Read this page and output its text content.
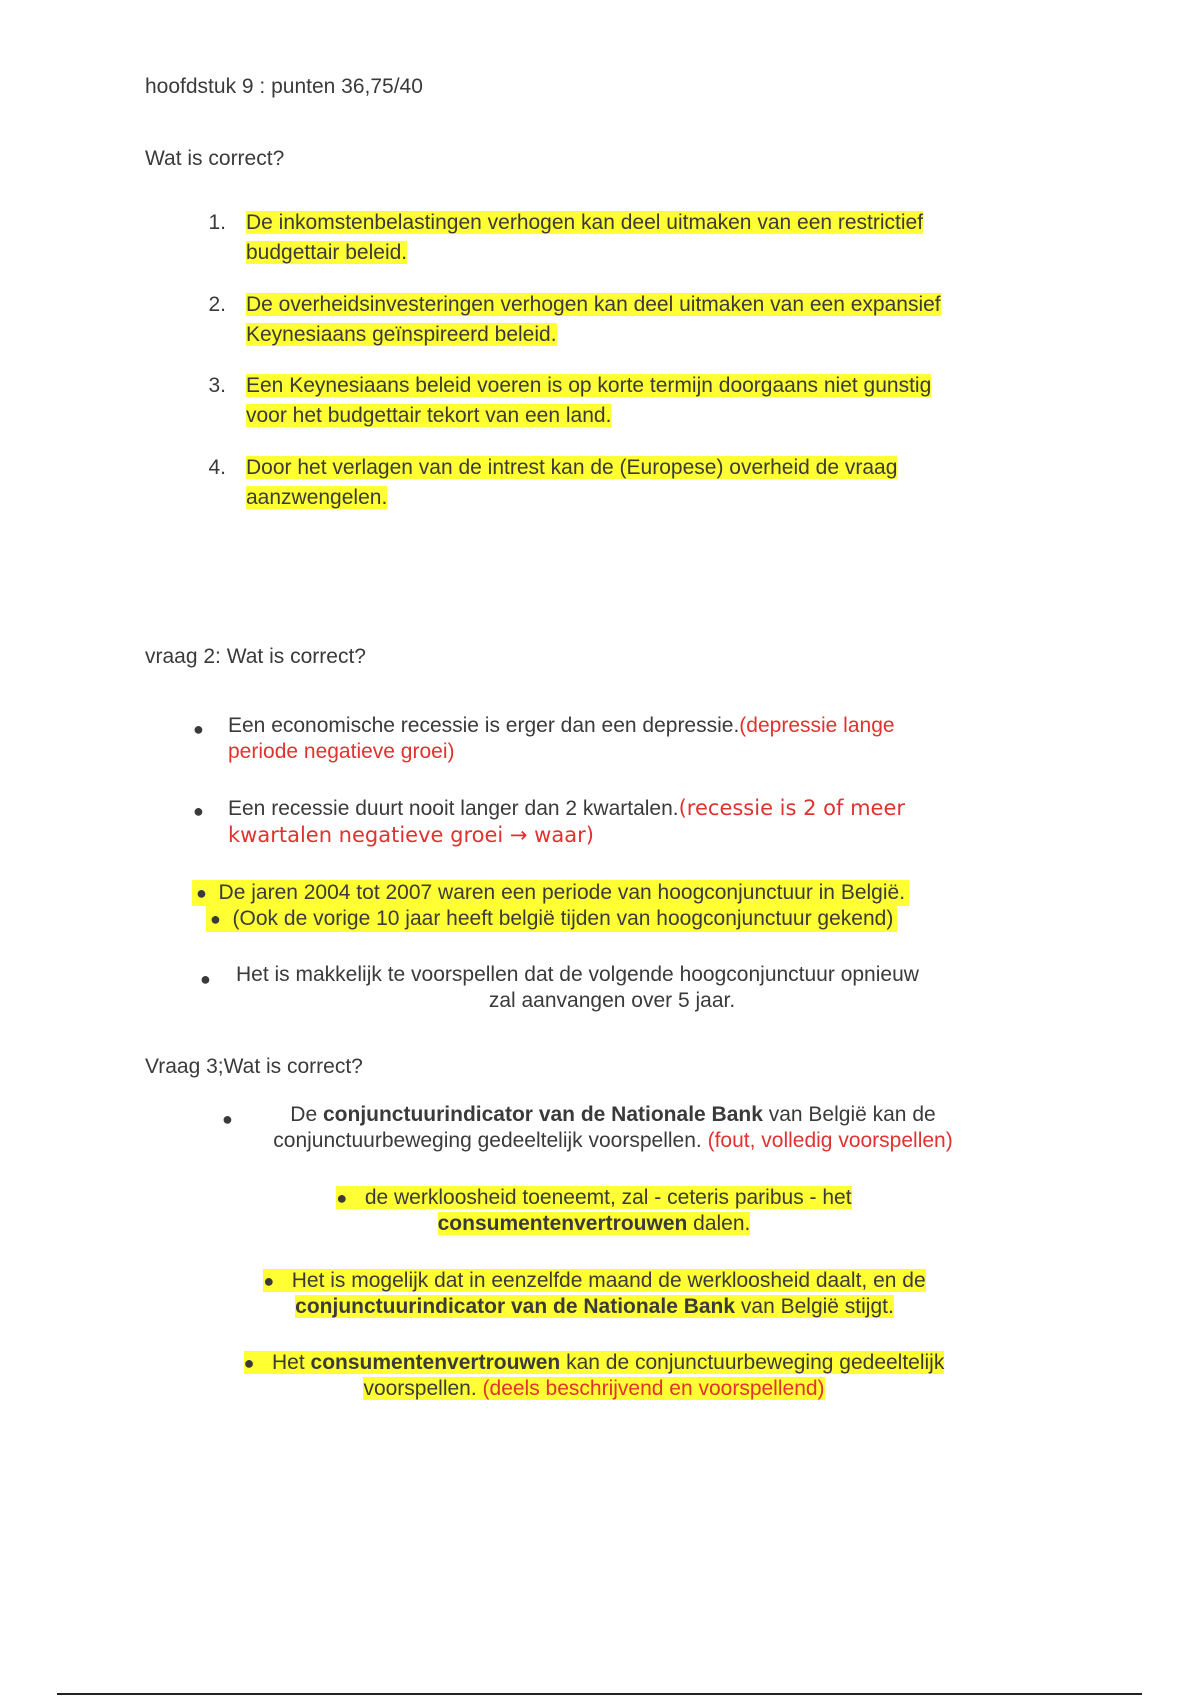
hoofdstuk 9 : punten 36,75/40
Wat is correct?
1. De inkomstenbelastingen verhogen kan deel uitmaken van een restrictief
budgettair beleid.
2. De overheidsinvesteringen verhogen kan deel uitmaken van een expansief
Keynesiaans geïnspireerd beleid.
3. Een Keynesiaans beleid voeren is op korte termijn doorgaans niet gunstig
voor het budgettair tekort van een land.
4. Door het verlagen van de intrest kan de (Europese) overheid de vraag
aanzwengelen.
vraag 2: Wat is correct?
● Een economische recessie is erger dan een depressie.(depressie lange
periode negatieve groei)
● Een recessie duurt nooit langer dan 2 kwartalen.(recessie is 2 of meer
kwartalen negatieve groei → waar)
● De jaren 2004 tot 2007 waren een periode van hoogconjunctuur in België.
● (Ook de vorige 10 jaar heeft belgië tijden van hoogconjunctuur gekend)
● Het is makkelijk te voorspellen dat de volgende hoogconjunctuur opnieuw
zal aanvangen over 5 jaar.
Vraag 3;Wat is correct?
●	De conjunctuurindicator van de Nationale Bank van België kan de
conjunctuurbeweging gedeeltelijk voorspellen. (fout, volledig voorspellen)
● de werkloosheid toeneemt, zal - ceteris paribus - het
consumentenvertrouwen dalen.
● Het is mogelijk dat in eenzelfde maand de werkloosheid daalt, en de
conjunctuurindicator van de Nationale Bank van België stijgt.
● Het consumentenvertrouwen kan de conjunctuurbeweging gedeeltelijk
voorspellen. (deels beschrijvend en voorspellend)
